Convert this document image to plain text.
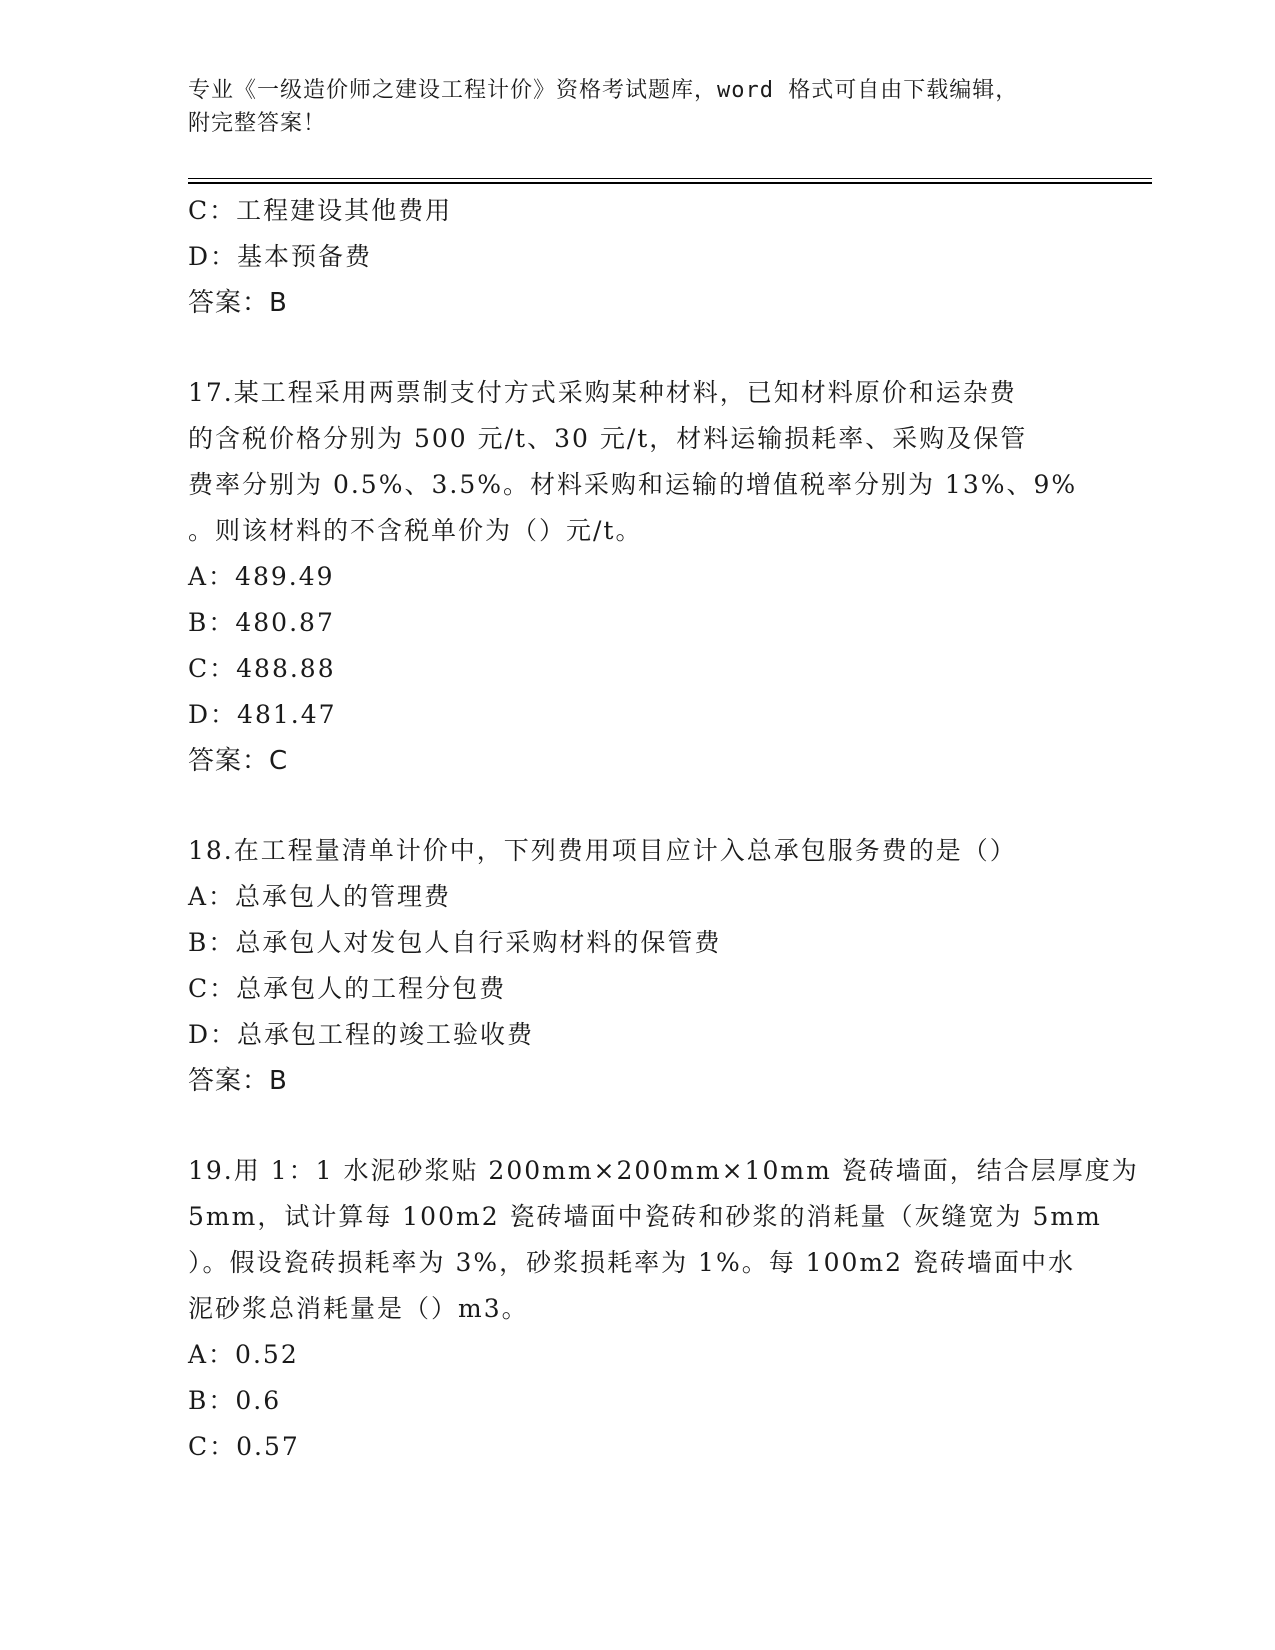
专业《一级造价师之建设工程计价》资格考试题库，word 格式可自由下载编辑，
附完整答案！
C：工程建设其他费用
D：基本预备费
答案：B
17.某工程采用两票制支付方式采购某种材料，已知材料原价和运杂费
的含税价格分别为 500 元/t、30 元/t，材料运输损耗率、采购及保管
费率分别为 0.5%、3.5%。材料采购和运输的增值税率分别为 13%、9%
。则该材料的不含税单价为（）元/t。
A：489.49
B：480.87
C：488.88
D：481.47
答案：C
18.在工程量清单计价中，下列费用项目应计入总承包服务费的是（）
A：总承包人的管理费
B：总承包人对发包人自行采购材料的保管费
C：总承包人的工程分包费
D：总承包工程的竣工验收费
答案：B
19.用 1：1 水泥砂浆贴 200mm×200mm×10mm 瓷砖墙面，结合层厚度为
5mm，试计算每 100m2 瓷砖墙面中瓷砖和砂浆的消耗量（灰缝宽为 5mm
）。假设瓷砖损耗率为 3%，砂浆损耗率为 1%。每 100m2 瓷砖墙面中水
泥砂浆总消耗量是（）m3。
A：0.52
B：0.6
C：0.57
